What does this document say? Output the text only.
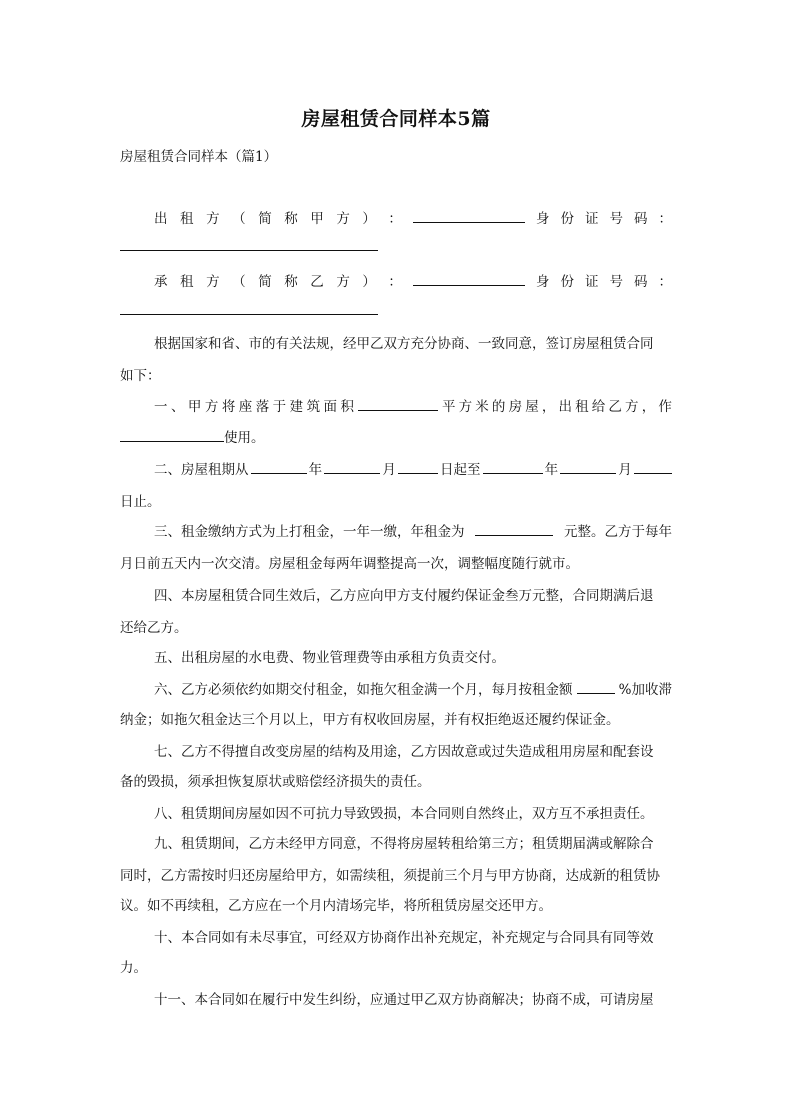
房屋租赁合同样本5篇
房屋租赁合同样本（篇1）
出 租 方 （ 简 称 甲 方 ） ：	身 份 证 号 码 ：
承 租 方 （ 简 称 乙 方 ） ：	身 份 证 号 码 ：
根据国家和省、市的有关法规，经甲乙双方充分协商、一致同意，签订房屋租赁合同
如下：
一 、 甲 方 将 座 落 于 建 筑 面 积	平 方 米 的 房 屋 ， 出 租 给 乙 方 ， 作
使用。
二、房屋租期从	年	月	日起至	年	月
日止。
三、租金缴纳方式为上打租金，一年一缴，年租金为	元整。乙方于每年
月日前五天内一次交清。房屋租金每两年调整提高一次，调整幅度随行就市。
四、本房屋租赁合同生效后，乙方应向甲方支付履约保证金叁万元整，合同期满后退
还给乙方。
五、出租房屋的水电费、物业管理费等由承租方负责交付。
六、乙方必须依约如期交付租金，如拖欠租金满一个月，每月按租金额	%加收滞
纳金；如拖欠租金达三个月以上，甲方有权收回房屋，并有权拒绝返还履约保证金。
七、乙方不得擅自改变房屋的结构及用途，乙方因故意或过失造成租用房屋和配套设
备的毁损，须承担恢复原状或赔偿经济损失的责任。
八、租赁期间房屋如因不可抗力导致毁损，本合同则自然终止，双方互不承担责任。
九、租赁期间，乙方未经甲方同意，不得将房屋转租给第三方；租赁期届满或解除合
同时，乙方需按时归还房屋给甲方，如需续租，须提前三个月与甲方协商，达成新的租赁协
议。如不再续租，乙方应在一个月内清场完毕，将所租赁房屋交还甲方。
十、本合同如有未尽事宜，可经双方协商作出补充规定，补充规定与合同具有同等效
力。
十一、本合同如在履行中发生纠纷，应通过甲乙双方协商解决；协商不成，可请房屋
